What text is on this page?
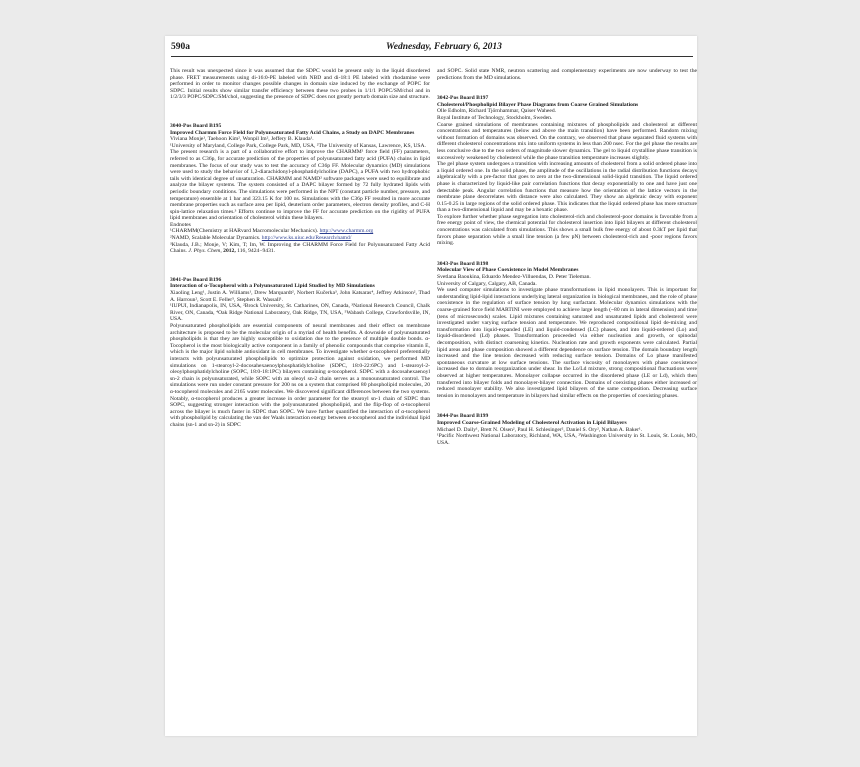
590a	Wednesday, February 6, 2013

This result was unexpected since it was assumed that the SDPC would be present only in the liquid disordered phase. FRET measurements using di-16:0-PE labeled with NBD and di-18:1 PE labeled with rhodamine were performed in order to monitor changes possible changes in domain size induced by the exchange of POPC for SDPC. Initial results show similar transfer efficiency between these two probes in 1/1/1 POPC/SM/chol and in 1/2/3/3 POPC/SDPC/SM/chol, suggesting the presence of SDPC does not greatly perturb domain size and structure.

3040-Pos Board B195

Improved Charmm Force Field for Polyunsaturated Fatty Acid Chains, a Study on DAPC Membranes

Viviana Monje¹, Taehoon Kim², Wonpil Im², Jeffery B. Klauda¹.

¹University of Maryland, College Park, College Park, MD, USA, ²The University of Kansas, Lawrence, KS, USA.

The present research is a part of a collaborative effort to improve the CHARMM¹ force field (FF) parameters, referred to as C36p, for accurate prediction of the properties of polyunsaturated fatty acid (PUFA) chains in lipid membranes. The focus of our study was to test the accuracy of C36p FF. Molecular dynamics (MD) simulations were used to study the behavior of 1,2-diarachidonyl-phosphatidylcholine (DAPC), a PUFA with two hydrophobic tails with identical degree of unsaturation. CHARMM and NAMD² software packages were used to equilibrate and analyze the bilayer systems. The system consisted of a DAPC bilayer formed by 72 fully hydrated lipids with periodic boundary conditions. The simulations were performed in the NPT (constant particle number, pressure, and temperature) ensemble at 1 bar and 323.15 K for 100 ns. Simulations with the C36p FF resulted in more accurate membrane properties such as surface area per lipid, deuterium order parameters, electron density profiles, and C-H spin-lattice relaxation times.³ Efforts continue to improve the FF for accurate prediction on the rigidity of PUFA lipid membranes and orientation of cholesterol within these bilayers.

Endnotes

¹CHARMM(Chemistry at HARvard Macromolecular Mechanics). http://www.charmm.org

²NAMD, Scalable Molecular Dynamics. http://www.ks.uiuc.edu/Research/namd/

³Klauda, J.B.; Monje, V; Kim, T; Im, W. Improving the CHARMM Force Field for Polyunsaturated Fatty Acid Chains. J. Phys. Chem, 2012, 116, 9424−9431.

3041-Pos Board B196

Interaction of α-Tocopherol with a Polyunsaturated Lipid Studied by MD Simulations

Xiaoling Leng¹, Justin A. Williams¹, Drew Marquardt², Norbert Kučerka³, John Katsaras⁴, Jeffrey Atkinson², Thad A. Harroun², Scott E. Feller⁵, Stephen R. Wassall¹.

¹IUPUI, Indianapolis, IN, USA, ²Brock University, St. Catharines, ON, Canada, ³National Research Council, Chalk River, ON, Canada, ⁴Oak Ridge National Laboratory, Oak Ridge, TN, USA, ⁵Wabash College, Crawfordsville, IN, USA.

Polyunsaturated phospholipids are essential components of neural membranes and their effect on membrane architecture is proposed to be the molecular origin of a myriad of health benefits. A downside of polyunsaturated phospholipids is that they are highly susceptible to oxidation due to the presence of multiple double bonds. α-Tocopherol is the most biologically active component in a family of phenolic compounds that comprise vitamin E, which is the major lipid soluble antioxidant in cell membranes. To investigate whether α-tocopherol preferentially interacts with polyunsaturated phospholipids to optimize protection against oxidation, we performed MD simulations on 1-stearoyl-2-docosahexaenoylphosphatidylcholine (SDPC, 18:0-22:6PC) and 1-stearoyl-2-oleoylphosphatidylcholine (SOPC, 18:0-18:1PC) bilayers containing α-tocopherol. SDPC with a docosahexaenoyl sn-2 chain is polyunsaturated, while SOPC with an oleoyl sn-2 chain serves as a monounsaturated control. The simulations were run under constant pressure for 200 ns on a system that comprised 80 phospholipid molecules, 20 α-tocopherol molecules and 2165 water molecules. We discovered significant differences between the two systems. Notably, α-tocopherol produces a greater increase in order parameter for the stearoyl sn-1 chain of SDPC than SOPC, suggesting stronger interaction with the polyunsaturated phospholipid, and the flip-flop of α-tocopherol across the bilayer is much faster in SDPC than SOPC. We have further quantified the interaction of α-tocopherol with phospholipid by calculating the van der Waals interaction energy between α-tocopherol and the individual lipid chains (sn-1 and sn-2) in SDPC

and SOPC. Solid state NMR, neutron scattering and complementary experiments are now underway to test the predictions from the MD simulations.

3042-Pos Board B197

Cholesterol/Phospholipid Bilayer Phase Diagrams from Coarse Grained Simulations

Olle Edholm, Richard Tjörnhammar, Qaiser Waheed.

Royal Institute of Technology, Stockholm, Sweden.

Coarse grained simulations of membranes containing mixtures of phospholipids and cholesterol at different concentrations and temperatures (below and above the main transition) have been performed. Random mixing without formation of domains was observed. On the contrary, we observed that phase separated fluid systems with different cholesterol concentrations mix into uniform systems in less than 200 nsec. For the gel phase the results are less conclusive due to the two orders of magnitude slower dynamics. The gel to liquid crystalline phase transition is successively weakened by cholesterol while the phase transition temperature increases slightly.

The gel phase system undergoes a transition with increasing amounts of cholesterol from a solid ordered phase into a liquid ordered one. In the solid phase, the amplitude of the oscillations in the radial distribution functions decays algebraically with a pre-factor that goes to zero at the two-dimensional solid-liquid transition. The liquid ordered phase is characterized by liquid-like pair correlation functions that decay exponentially to one and have just one detectable peak. Angular correlation functions that measure how the orientation of the lattice vectors in the membrane plane decorrelates with distance were also calculated. They show an algebraic decay with exponent 0.15-0.25 in large regions of the solid ordered phase. This indicates that the liquid ordered phase has more structure than a two-dimensional liquid and may be a hexatic phase.

To explore further whether phase segregation into cholesterol-rich and cholesterol-poor domains is favorable from a free energy point of view, the chemical potential for cholesterol insertion into lipid bilayers at different cholesterol concentrations was calculated from simulations. This shows a small bulk free energy of about 0.3kT per lipid that favors phase separation while a small line tension (a few pN) between cholesterol-rich and -poor regions favors mixing.

3043-Pos Board B198

Molecular View of Phase Coexistence in Model Membranes

Svetlana Baoukina, Eduardo Mendez-Villuendas, D. Peter Tieleman.

University of Calgary, Calgary, AB, Canada.

We used computer simulations to investigate phase transformations in lipid monolayers. This is important for understanding lipid-lipid interactions underlying lateral organization in biological membranes, and the role of phase coexistence in the regulation of surface tension by lung surfactant. Molecular dynamics simulations with the coarse-grained force field MARTINI were employed to achieve large length (~80 nm in lateral dimension) and time (tens of microseconds) scales. Lipid mixtures containing saturated and unsaturated lipids and cholesterol were investigated under varying surface tension and temperature. We reproduced compositional lipid de-mixing and transformation into liquid-expanded (LE) and liquid-condensed (LC) phases, and into liquid-ordered (Lo) and liquid-disordered (Ld) phases. Transformation proceeded via either nucleation and growth, or spinodal decomposition, with distinct coarsening kinetics. Nucleation rate and growth exponents were calculated. Partial lipid areas and phase composition showed a different dependence on surface tension. The domain boundary length increased and the line tension decreased with reducing surface tension. Domains of Lo phase manifested spontaneous curvature at low surface tensions. The surface viscosity of monolayers with phase coexistence increased due to domain reorganization under shear. In the Lo/Ld mixture, strong compositional fluctuations were observed at higher temperatures. Monolayer collapse occurred in the disordered phase (LE or Ld), which then transferred into bilayer folds and monolayer-bilayer connection. Domains of coexisting phases either increased or reduced monolayer stability. We also investigated lipid bilayers of the same composition. Decreasing surface tension in monolayers and temperature in bilayers had similar effects on the properties of coexisting phases.

3044-Pos Board B199

Improved Coarse-Grained Modeling of Cholesterol Activation in Lipid Bilayers

Michael D. Daily¹, Brett N. Olsen², Paul H. Schlesinger², Daniel S. Ory², Nathan A. Baker¹.

¹Pacific Northwest National Laboratory, Richland, WA, USA, ²Washington University in St. Louis, St. Louis, MO, USA.
